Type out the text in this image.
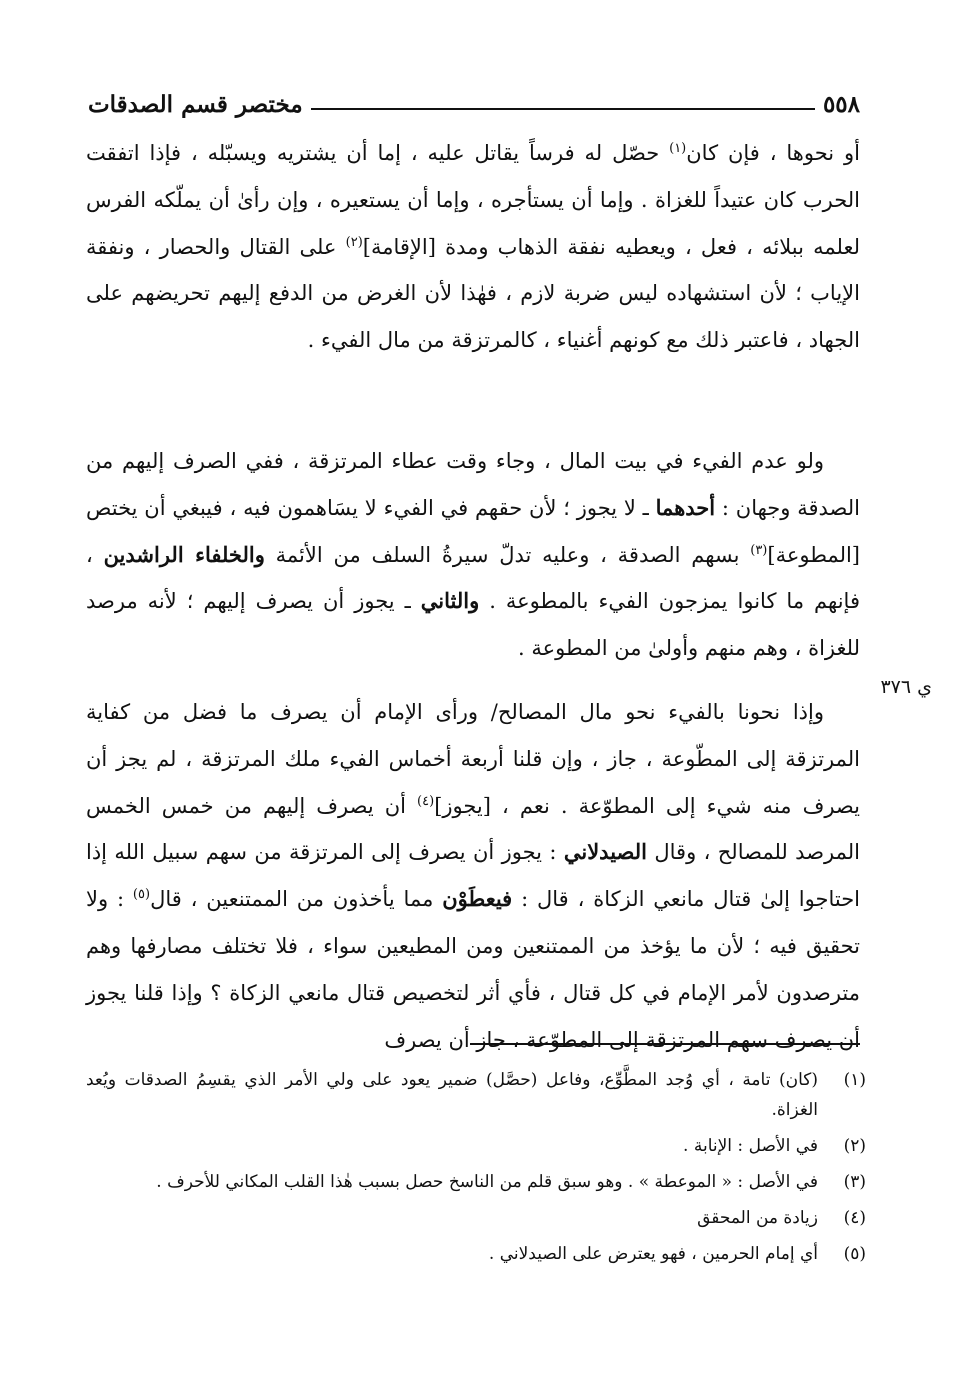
٥٥٨
مختصر قسم الصدقات
ي ٣٧٦

أو نحوها ، فإن كان$^{(١)}$ حصّل له فرساً يقاتل عليه ، إما أن يشتريه ويسبّله ، فإذا اتفقت الحرب كان عتيداً للغزاة . وإما أن يستأجره ، وإما أن يستعيره ، وإن رأىٰ أن يملّكه الفرس لعلمه ببلائه ، فعل ، ويعطيه نفقة الذهاب ومدة [الإقامة]$^{(٢)}$ على القتال والحصار ، ونفقة الإياب ؛ لأن استشهاده ليس ضربة لازم ، فهٰذا لأن الغرض من الدفع إليهم تحريضهم على الجهاد ، فاعتبر ذلك مع كونهم أغنياء ، كالمرتزقة من مال الفيء .

ولو عدم الفيء في بيت المال ، وجاء وقت عطاء المرتزقة ، ففي الصرف إليهم من الصدقة وجهان : أحدهما ـ لا يجوز ؛ لأن حقهم في الفيء لا يسَاهمون فيه ، فيبغي أن يختص [المطوعة]$^{(٣)}$ بسهم الصدقة ، وعليه تدلّ سيرةُ السلف من الأئمة والخلفاء الراشدين ، فإنهم ما كانوا يمزجون الفيء بالمطوعة . والثاني ـ يجوز أن يصرف إليهم ؛ لأنه مرصد للغزاة ، وهم منهم وأولىٰ من المطوعة .

وإذا نحونا بالفيء نحو مال المصالح/ ورأى الإمام أن يصرف ما فضل من كفاية المرتزقة إلى المطّوعة ، جاز ، وإن قلنا أربعة أخماس الفيء ملك المرتزقة ، لم يجز أن يصرف منه شيء إلى المطوّعة . نعم ، [يجوز]$^{(٤)}$ أن يصرف إليهم من خمس الخمس المرصد للمصالح ، وقال الصيدلاني : يجوز أن يصرف إلى المرتزقة من سهم سبيل الله إذا احتاجوا إلىٰ قتال مانعي الزكاة ، قال : فيعطَوْن مما يأخذون من الممتنعين ، قال$^{(٥)}$ : ولا تحقيق فيه ؛ لأن ما يؤخذ من الممتنعين ومن المطيعين سواء ، فلا تختلف مصارفها وهم مترصدون لأمر الإمام في كل قتال ، فأي أثر لتخصيص قتال مانعي الزكاة ؟ وإذا قلنا يجوز أن يصرف سهم المرتزقة إلى المطوّعة ، جاز أن يصرف

(١)
(كان) تامة ، أي وُجد المطَّوِّع، وفاعل (حصَّل) ضمير يعود على ولي الأمر الذي يقسِمُ الصدقات ويُعد الغزاة.
(٢)
في الأصل : الإنابة .
(٣)
في الأصل : « الموعطة » . وهو سبق قلم من الناسخ حصل بسبب هٰذا القلب المكاني للأحرف .
(٤)
زيادة من المحقق
(٥)
أي إمام الحرمين ، فهو يعترض على الصيدلاني .
